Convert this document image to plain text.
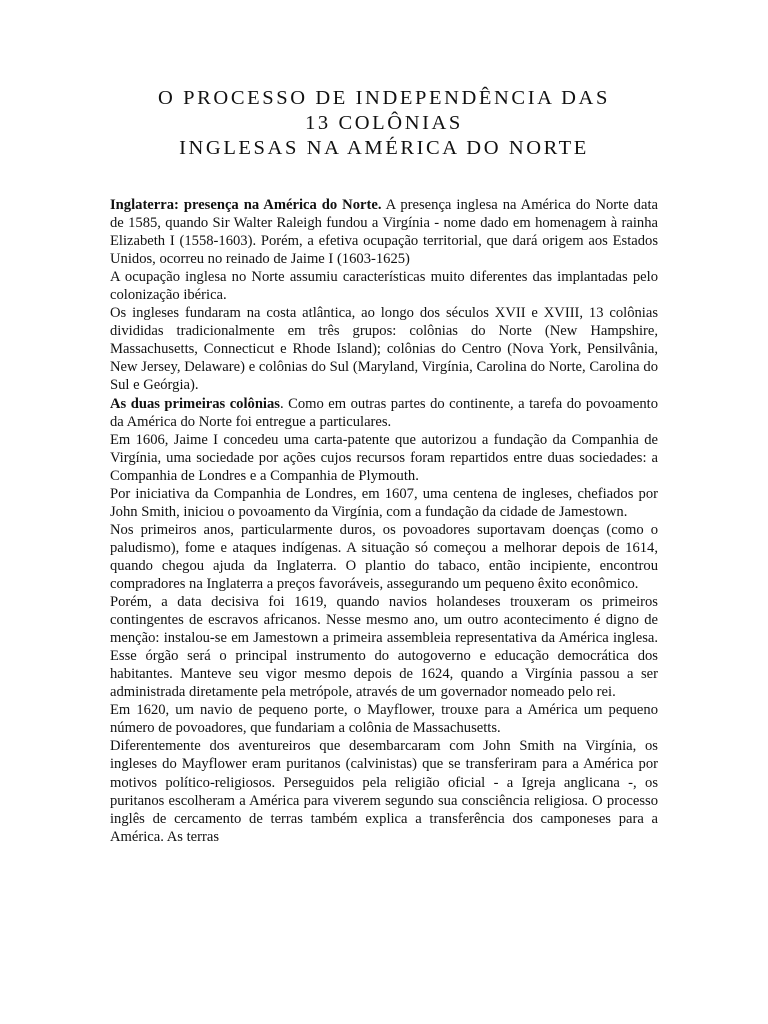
O PROCESSO DE INDEPENDÊNCIA DAS
13 COLÔNIAS
INGLESAS NA AMÉRICA DO NORTE

Inglaterra: presença na América do Norte. A presença inglesa na América do Norte data de 1585, quando Sir Walter Raleigh fundou a Virgínia - nome dado em homenagem à rainha Elizabeth I (1558-1603). Porém, a efetiva ocupação territorial, que dará origem aos Estados Unidos, ocorreu no reinado de Jaime I (1603-1625)

A ocupação inglesa no Norte assumiu características muito diferentes das implantadas pelo colonização ibérica.

Os ingleses fundaram na costa atlântica, ao longo dos séculos XVII e XVIII, 13 colônias divididas tradicionalmente em três grupos: colônias do Norte (New Hampshire, Massachusetts, Connecticut e Rhode Island); colônias do Centro (Nova York, Pensilvânia, New Jersey, Delaware) e colônias do Sul (Maryland, Virgínia, Carolina do Norte, Carolina do Sul e Geórgia).

As duas primeiras colônias. Como em outras partes do continente, a tarefa do povoamento da América do Norte foi entregue a particulares.

Em 1606, Jaime I concedeu uma carta-patente que autorizou a fundação da Companhia de Virgínia, uma sociedade por ações cujos recursos foram repartidos entre duas sociedades: a Companhia de Londres e a Companhia de Plymouth.

Por iniciativa da Companhia de Londres, em 1607, uma centena de ingleses, chefiados por John Smith, iniciou o povoamento da Virgínia, com a fundação da cidade de Jamestown.

Nos primeiros anos, particularmente duros, os povoadores suportavam doenças (como o paludismo), fome e ataques indígenas. A situação só começou a melhorar depois de 1614, quando chegou ajuda da Inglaterra. O plantio do tabaco, então incipiente, encontrou compradores na Inglaterra a preços favoráveis, assegurando um pequeno êxito econômico.

Porém, a data decisiva foi 1619, quando navios holandeses trouxeram os primeiros contingentes de escravos africanos. Nesse mesmo ano, um outro acontecimento é digno de menção: instalou-se em Jamestown a primeira assembleia representativa da América inglesa. Esse órgão será o principal instrumento do autogoverno e educação democrática dos habitantes. Manteve seu vigor mesmo depois de 1624, quando a Virgínia passou a ser administrada diretamente pela metrópole, através de um governador nomeado pelo rei.

Em 1620, um navio de pequeno porte, o Mayflower, trouxe para a América um pequeno número de povoadores, que fundariam a colônia de Massachusetts.

Diferentemente dos aventureiros que desembarcaram com John Smith na Virgínia, os ingleses do Mayflower eram puritanos (calvinistas) que se transferiram para a América por motivos político-religiosos. Perseguidos pela religião oficial - a Igreja anglicana -, os puritanos escolheram a América para viverem segundo sua consciência religiosa. O processo inglês de cercamento de terras também explica a transferência dos camponeses para a América. As terras
